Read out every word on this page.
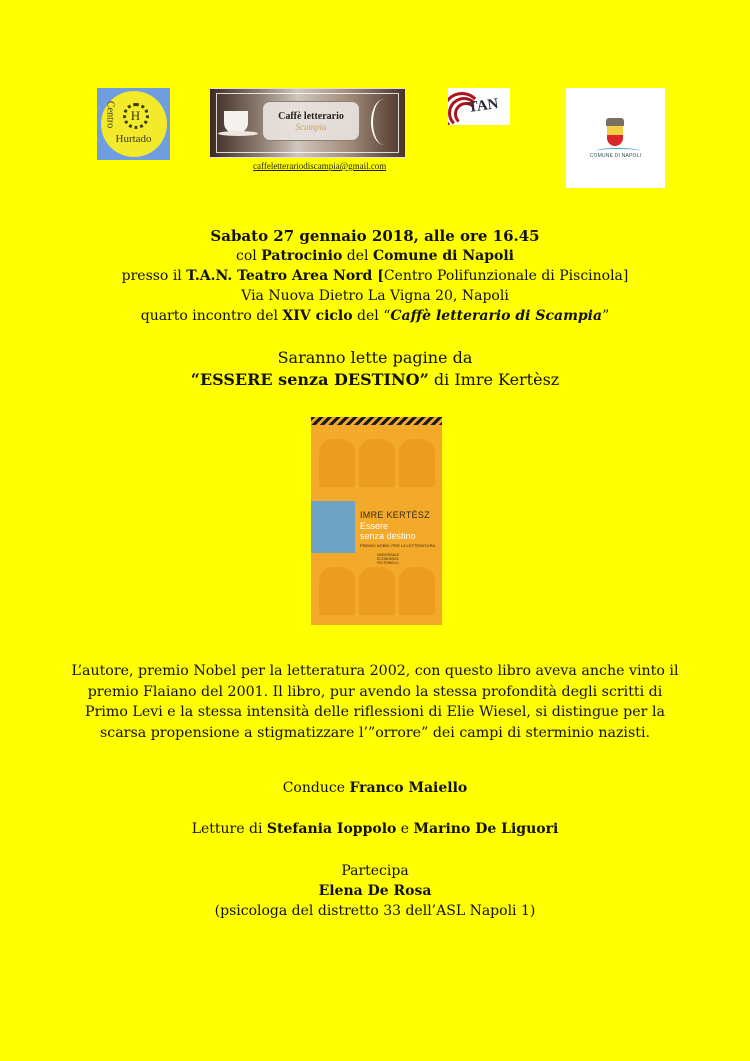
Centro H
Hurtado
Caffè letterario
Scampia
caffeletterariodiscampia@gmail.com
TAN
COMUNE DI NAPOLI
Sabato 27 gennaio 2018, alle ore 16.45
col Patrocinio del Comune di Napoli
presso il T.A.N. Teatro Area Nord [Centro Polifunzionale di Piscinola]
Via Nuova Dietro La Vigna 20, Napoli
quarto incontro del XIV ciclo del “Caffè letterario di Scampia”
Saranno lette pagine da
“ESSERE senza DESTINO” di Imre Kertèsz
IMRE KERTÉSZ
Essere
senza destino
PREMIO NOBEL PER LA LETTERATURA
UNIVERSALE
ECONOMICA
FELTRINELLI
L’autore, premio Nobel per la letteratura 2002, con questo libro aveva anche vinto il
premio Flaiano del 2001. Il libro, pur avendo la stessa profondità degli scritti di
Primo Levi e la stessa intensità delle riflessioni di Elie Wiesel, si distingue per la
scarsa propensione a stigmatizzare l’”orrore” dei campi di sterminio nazisti.
Conduce Franco Maiello
Letture di Stefania Ioppolo e Marino De Liguori
Partecipa
Elena De Rosa
(psicologa del distretto 33 dell’ASL Napoli 1)
